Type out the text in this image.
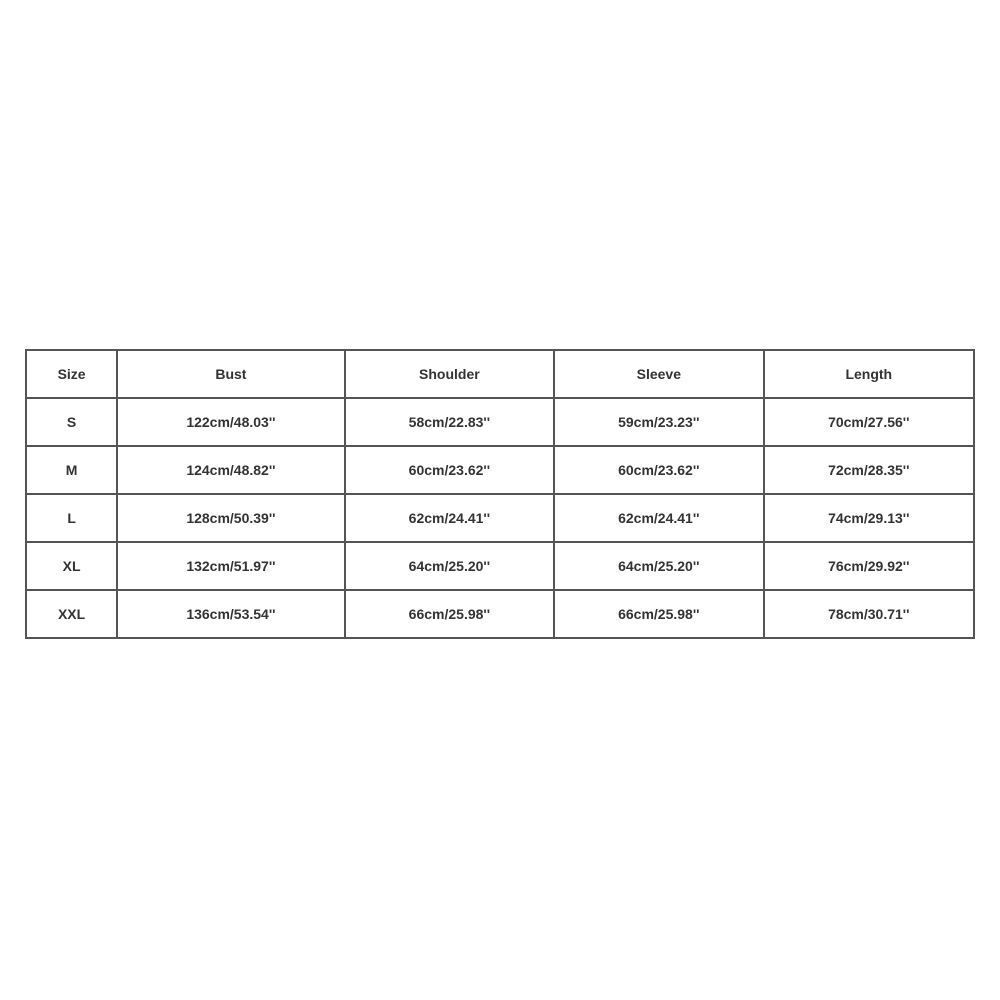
Size	Bust	Shoulder	Sleeve	Length
S	122cm/48.03''	58cm/22.83''	59cm/23.23''	70cm/27.56''
M	124cm/48.82''	60cm/23.62''	60cm/23.62''	72cm/28.35''
L	128cm/50.39''	62cm/24.41''	62cm/24.41''	74cm/29.13''
XL	132cm/51.97''	64cm/25.20''	64cm/25.20''	76cm/29.92''
XXL	136cm/53.54''	66cm/25.98''	66cm/25.98''	78cm/30.71''
